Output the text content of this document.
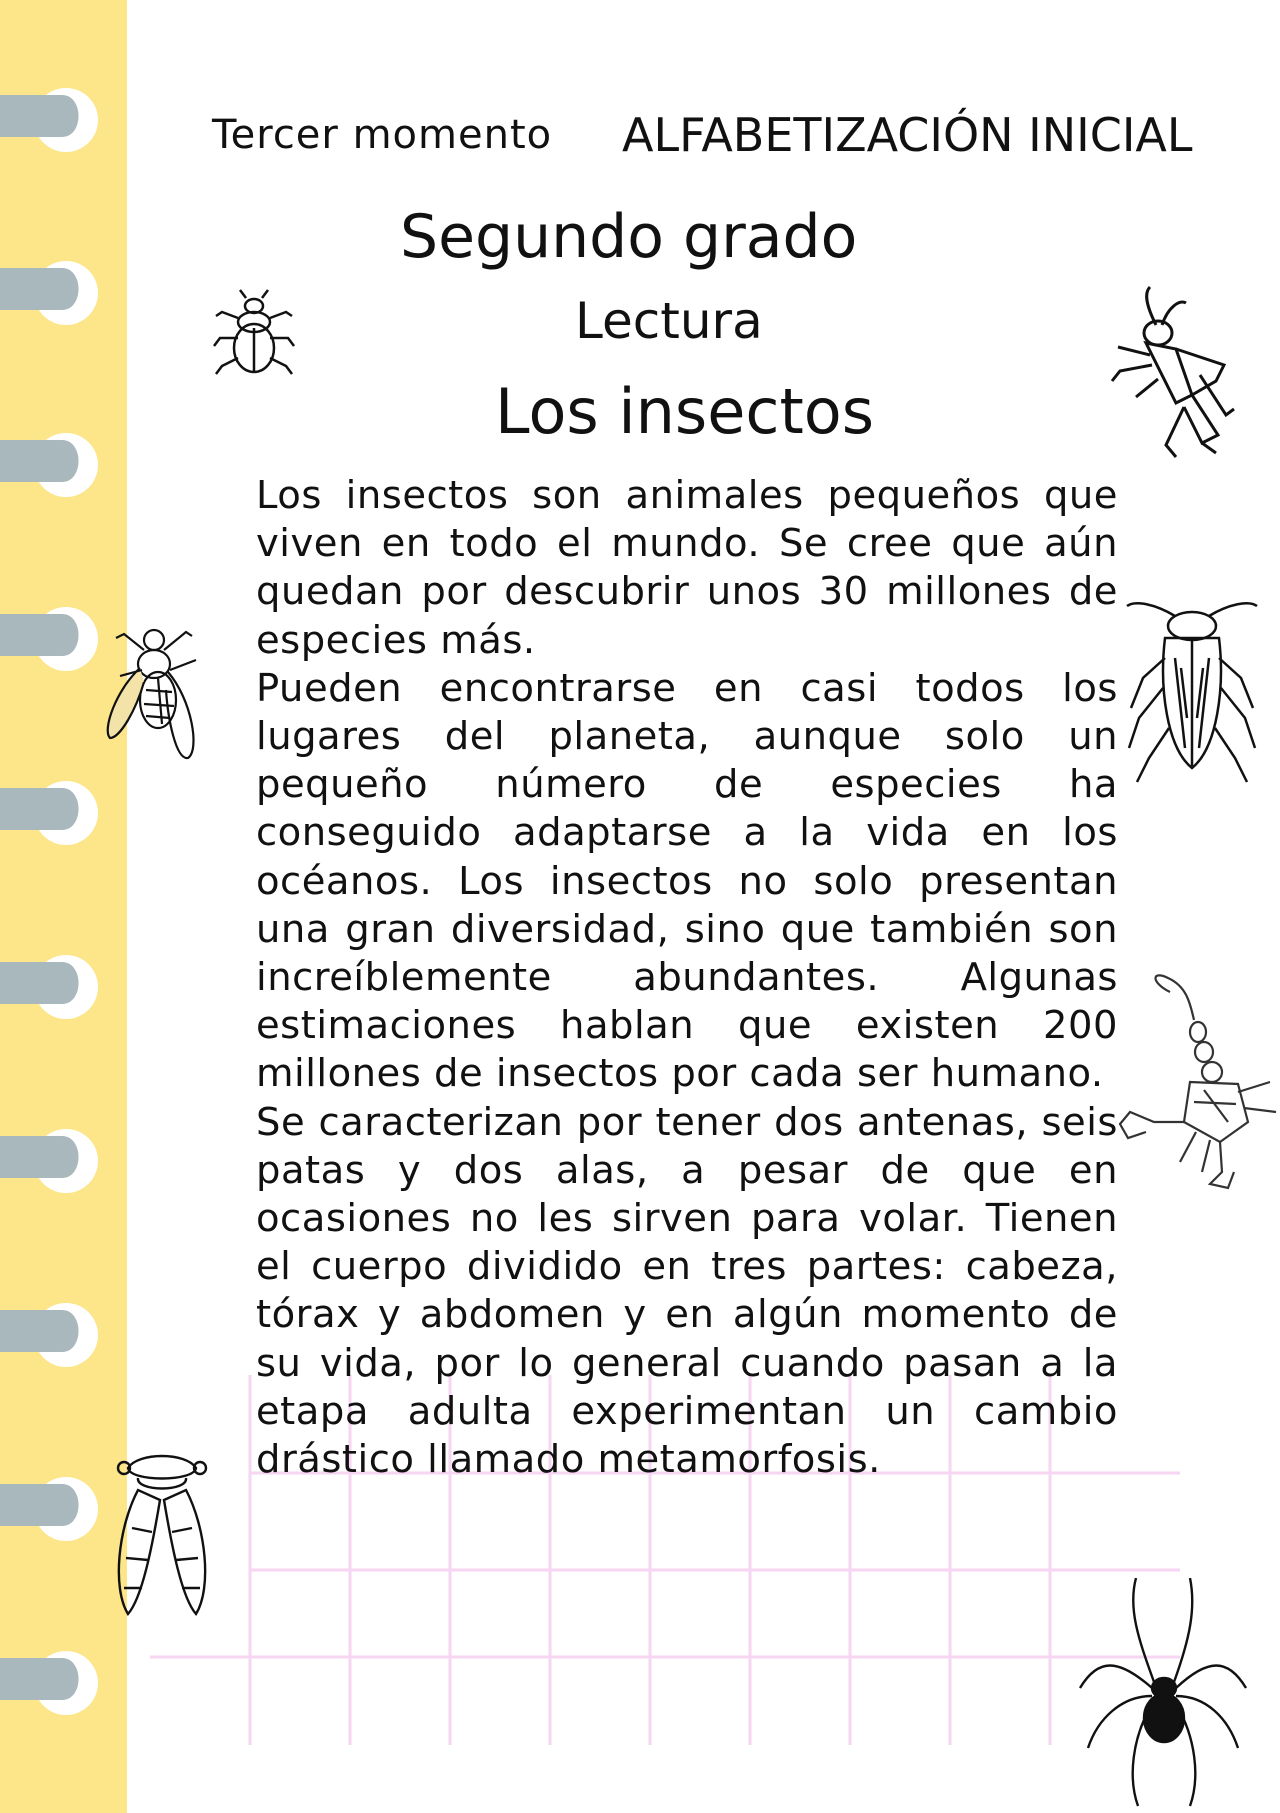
Tercer momento ALFABETIZACIÓN INICIAL
Segundo grado
Lectura
Los insectos

Los insectos son animales pequeños que viven en todo el mundo. Se cree que aún quedan por descubrir unos 30 millones de especies más.

Pueden encontrarse en casi todos los lugares del planeta, aunque solo un pequeño número de especies ha conseguido adaptarse a la vida en los océanos. Los insectos no solo presentan una gran diversidad, sino que también son increíblemente abundantes. Algunas estimaciones hablan que existen 200 millones de insectos por cada ser humano.

Se caracterizan por tener dos antenas, seis patas y dos alas, a pesar de que en ocasiones no les sirven para volar. Tienen el cuerpo dividido en tres partes: cabeza, tórax y abdomen y en algún momento de su vida, por lo general cuando pasan a la etapa adulta experimentan un cambio drástico llamado metamorfosis.
